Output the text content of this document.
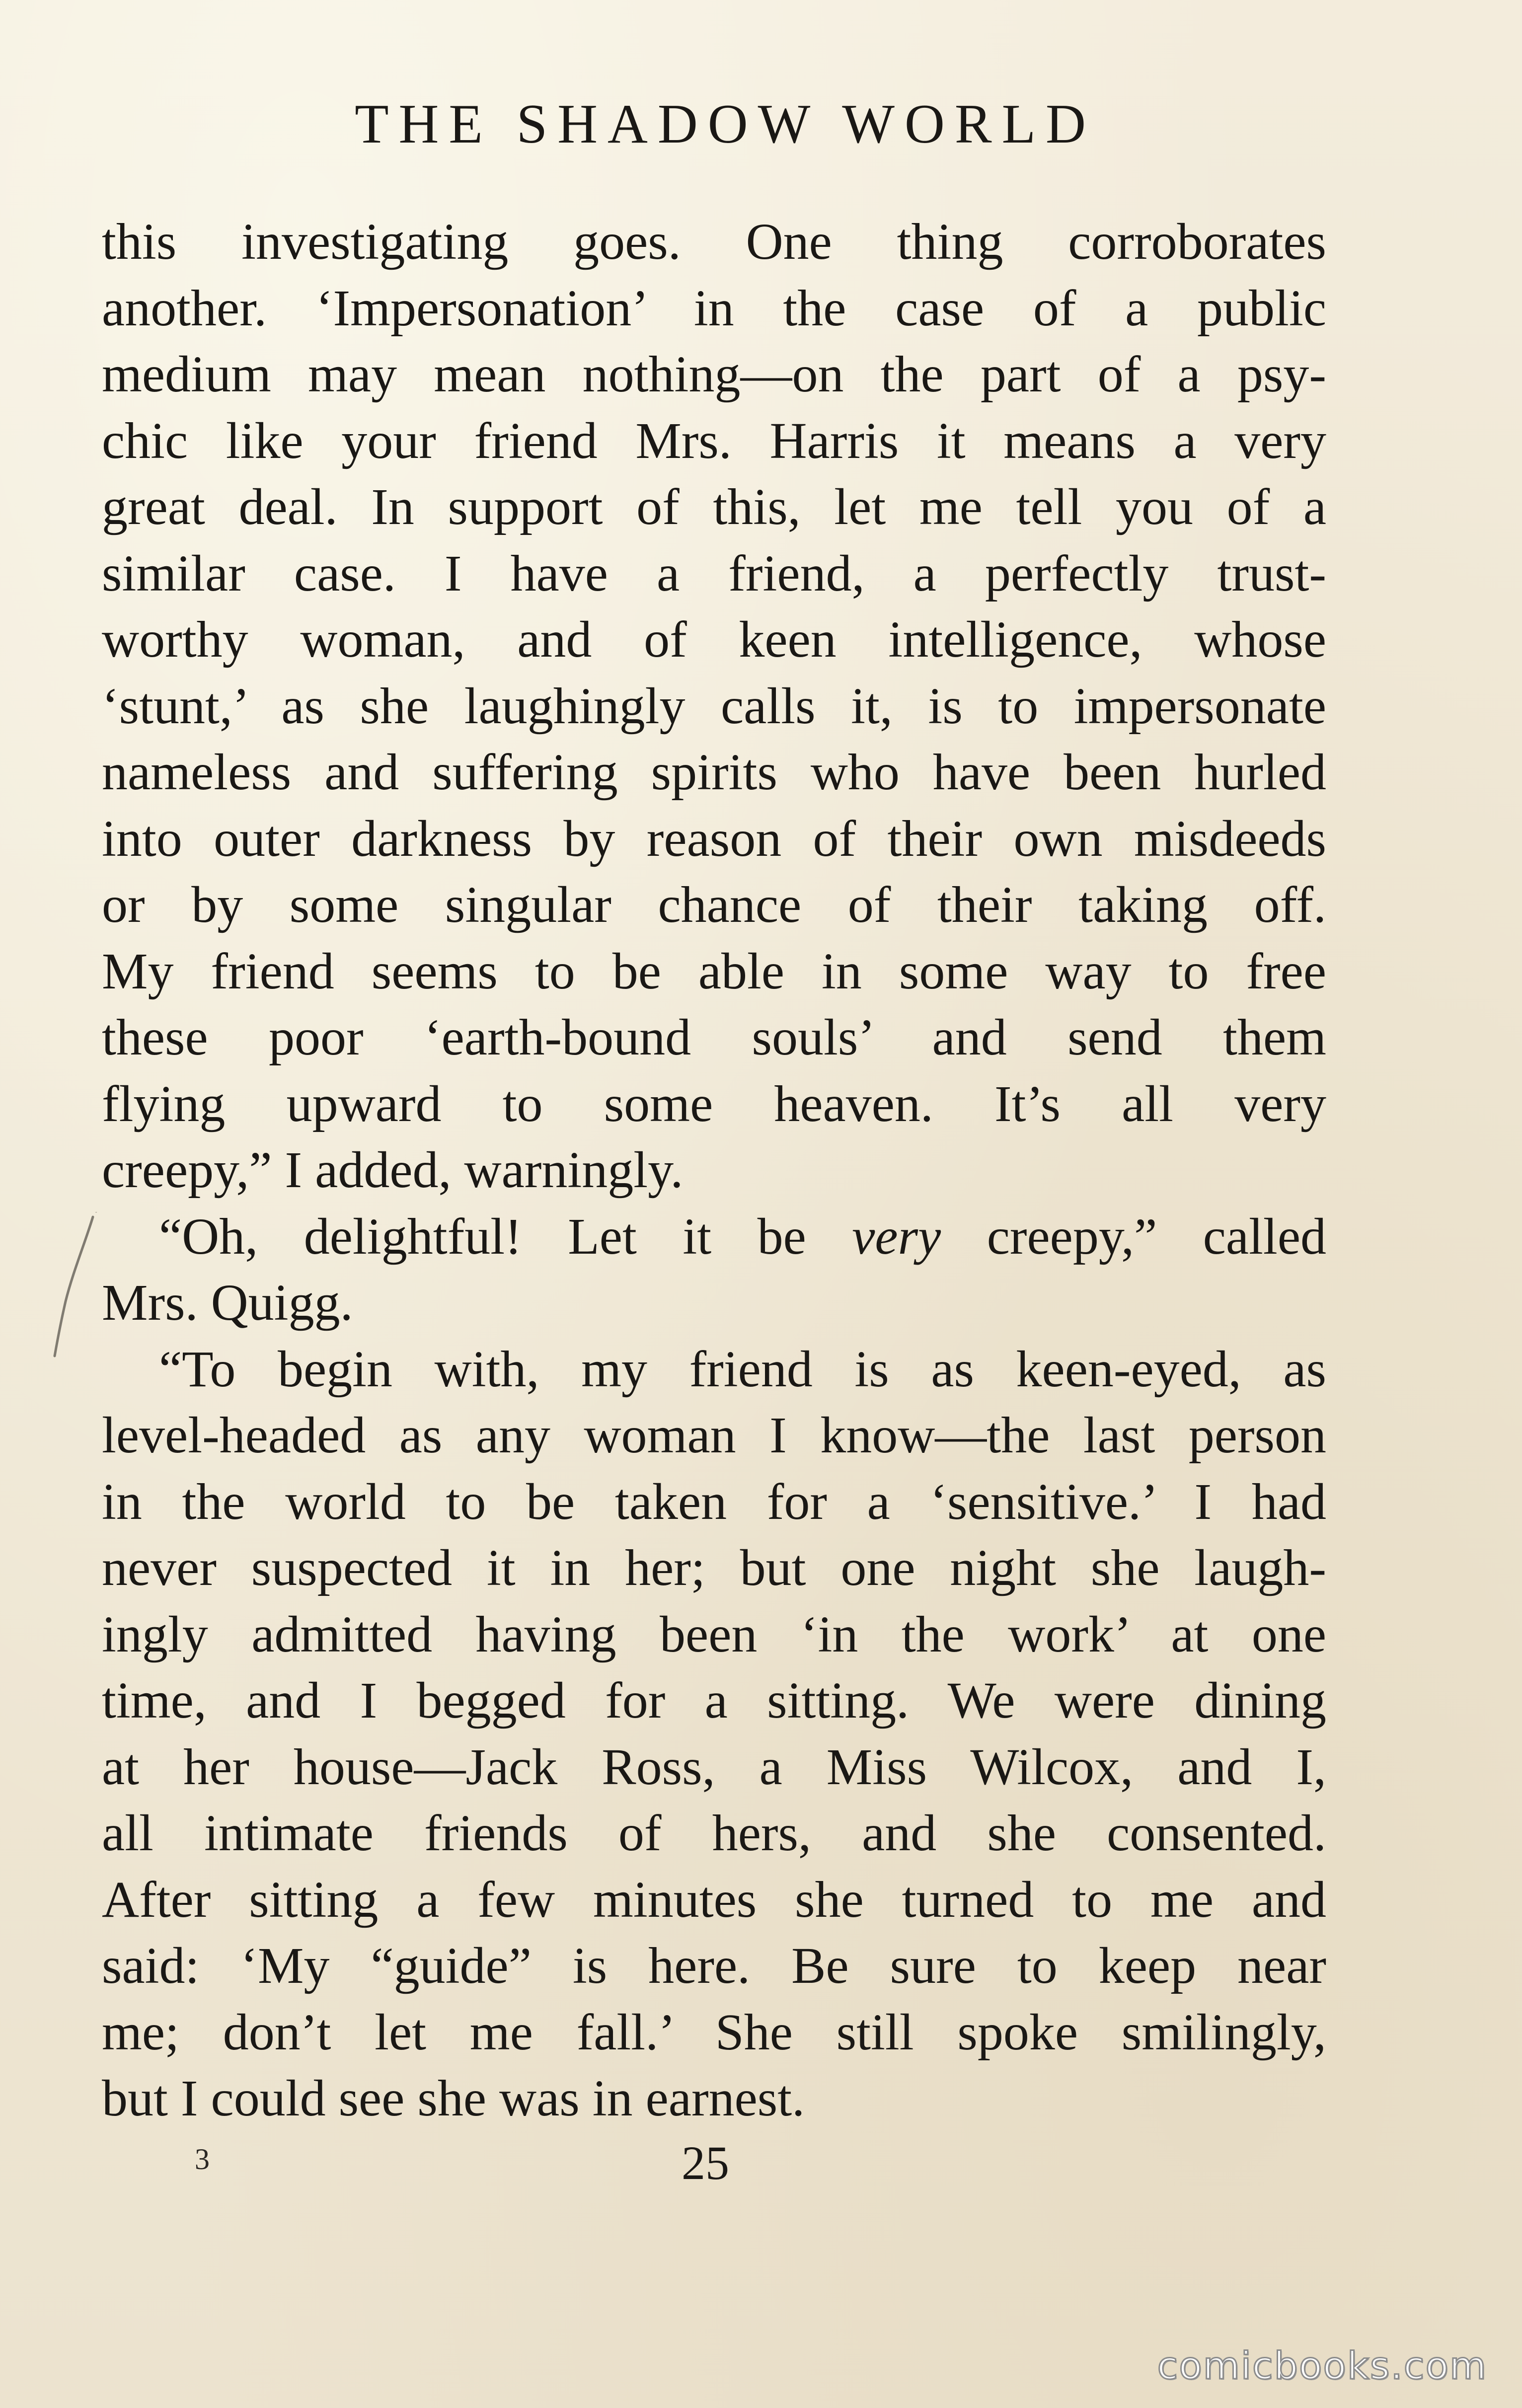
THE SHADOW WORLD
this investigating goes. One thing corroborates
another. ‘Impersonation’ in the case of a public
medium may mean nothing—on the part of a psy-
chic like your friend Mrs. Harris it means a very
great deal. In support of this, let me tell you of a
similar case. I have a friend, a perfectly trust-
worthy woman, and of keen intelligence, whose
‘stunt,’ as she laughingly calls it, is to impersonate
nameless and suffering spirits who have been hurled
into outer darkness by reason of their own misdeeds
or by some singular chance of their taking off.
My friend seems to be able in some way to free
these poor ‘earth-bound souls’ and send them
flying upward to some heaven. It’s all very
creepy,” I added, warningly.
“Oh, delightful! Let it be very creepy,” called
Mrs. Quigg.
“To begin with, my friend is as keen-eyed, as
level-headed as any woman I know—the last person
in the world to be taken for a ‘sensitive.’ I had
never suspected it in her; but one night she laugh-
ingly admitted having been ‘in the work’ at one
time, and I begged for a sitting. We were dining
at her house—Jack Ross, a Miss Wilcox, and I,
all intimate friends of hers, and she consented.
After sitting a few minutes she turned to me and
said: ‘My “guide” is here. Be sure to keep near
me; don’t let me fall.’ She still spoke smilingly,
but I could see she was in earnest.
3	25
comicbooks.com
